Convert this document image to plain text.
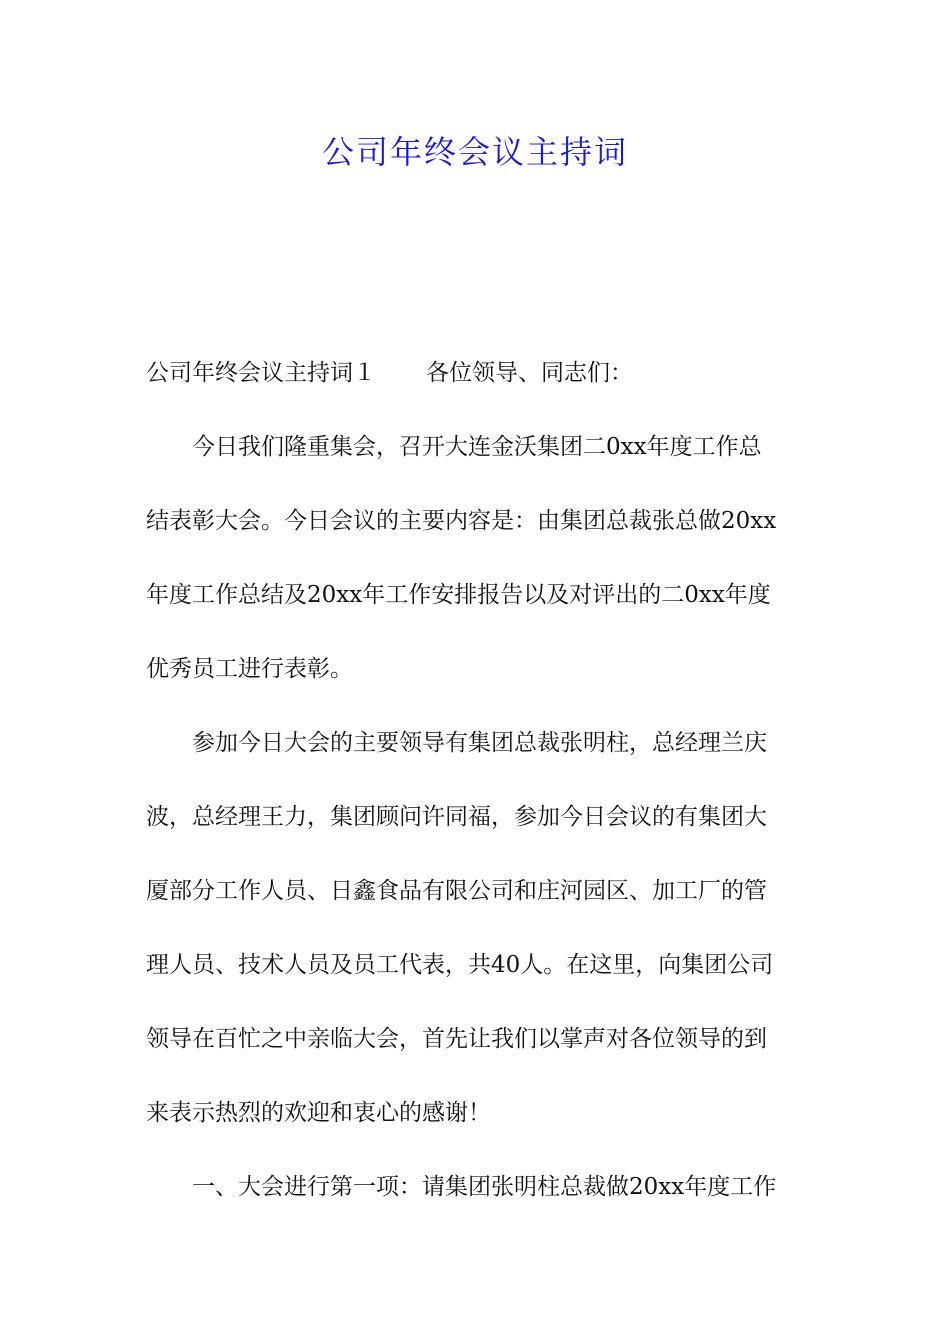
公司年终会议主持词
公司年终会议主持词１ 各位领导、同志们：
今日我们隆重集会，召开大连金沃集团二0xx年度工作总
结表彰大会。今日会议的主要内容是：由集团总裁张总做20xx
年度工作总结及20xx年工作安排报告以及对评出的二0xx年度
优秀员工进行表彰。
参加今日大会的主要领导有集团总裁张明柱，总经理兰庆
波，总经理王力，集团顾问许同福，参加今日会议的有集团大
厦部分工作人员、日鑫食品有限公司和庄河园区、加工厂的管
理人员、技术人员及员工代表，共40人。在这里，向集团公司
领导在百忙之中亲临大会，首先让我们以掌声对各位领导的到
来表示热烈的欢迎和衷心的感谢！
一、大会进行第一项：请集团张明柱总裁做20xx年度工作
